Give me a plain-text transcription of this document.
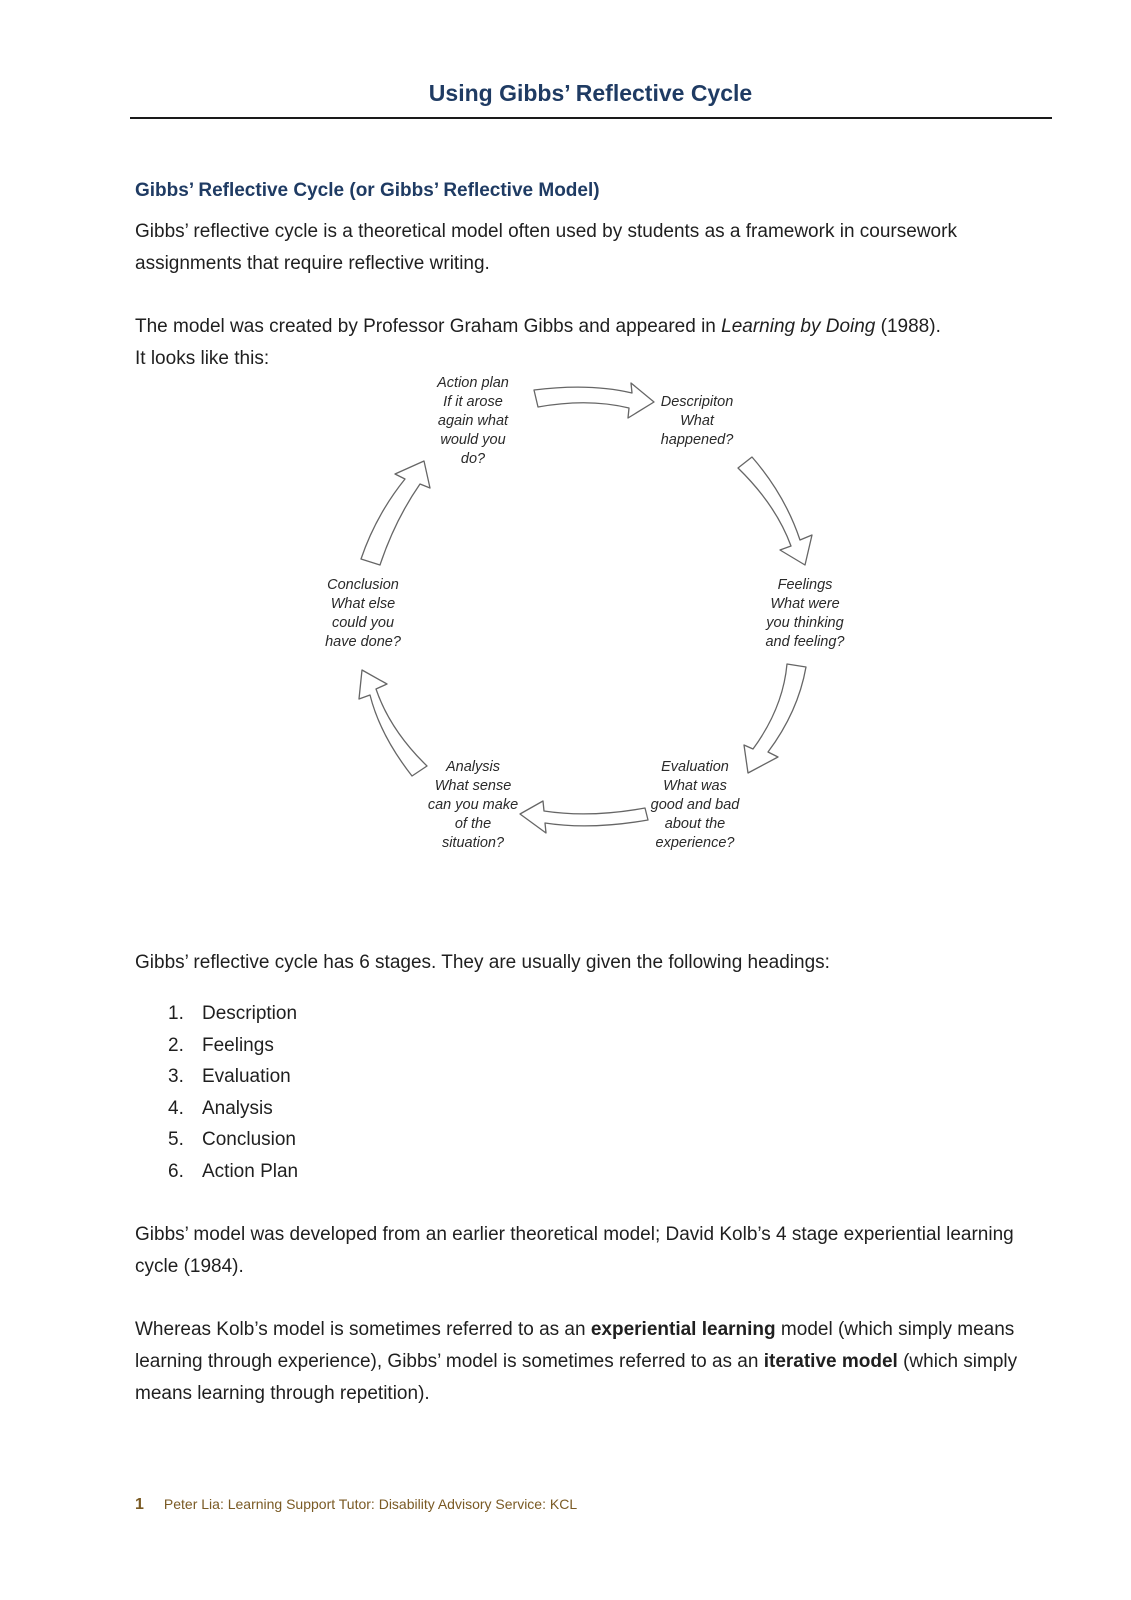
Using Gibbs’ Reflective Cycle
Gibbs’ Reflective Cycle (or Gibbs’ Reflective Model)
Gibbs’ reflective cycle is a theoretical model often used by students as a framework in coursework assignments that require reflective writing.
The model was created by Professor Graham Gibbs and appeared in Learning by Doing (1988).
It looks like this:
Action plan
If it arose
again what
would you
do?
Descripiton
What
happened?
Feelings
What were
you thinking
and feeling?
Evaluation
What was
good and bad
about the
experience?
Analysis
What sense
can you make
of the
situation?
Conclusion
What else
could you
have done?
Gibbs’ reflective cycle has 6 stages. They are usually given the following headings:
1. Description
2. Feelings
3. Evaluation
4. Analysis
5. Conclusion
6. Action Plan
Gibbs’ model was developed from an earlier theoretical model; David Kolb’s 4 stage experiential learning cycle (1984).
Whereas Kolb’s model is sometimes referred to as an experiential learning model (which simply means learning through experience), Gibbs’ model is sometimes referred to as an iterative model (which simply means learning through repetition).
1 Peter Lia: Learning Support Tutor: Disability Advisory Service: KCL
